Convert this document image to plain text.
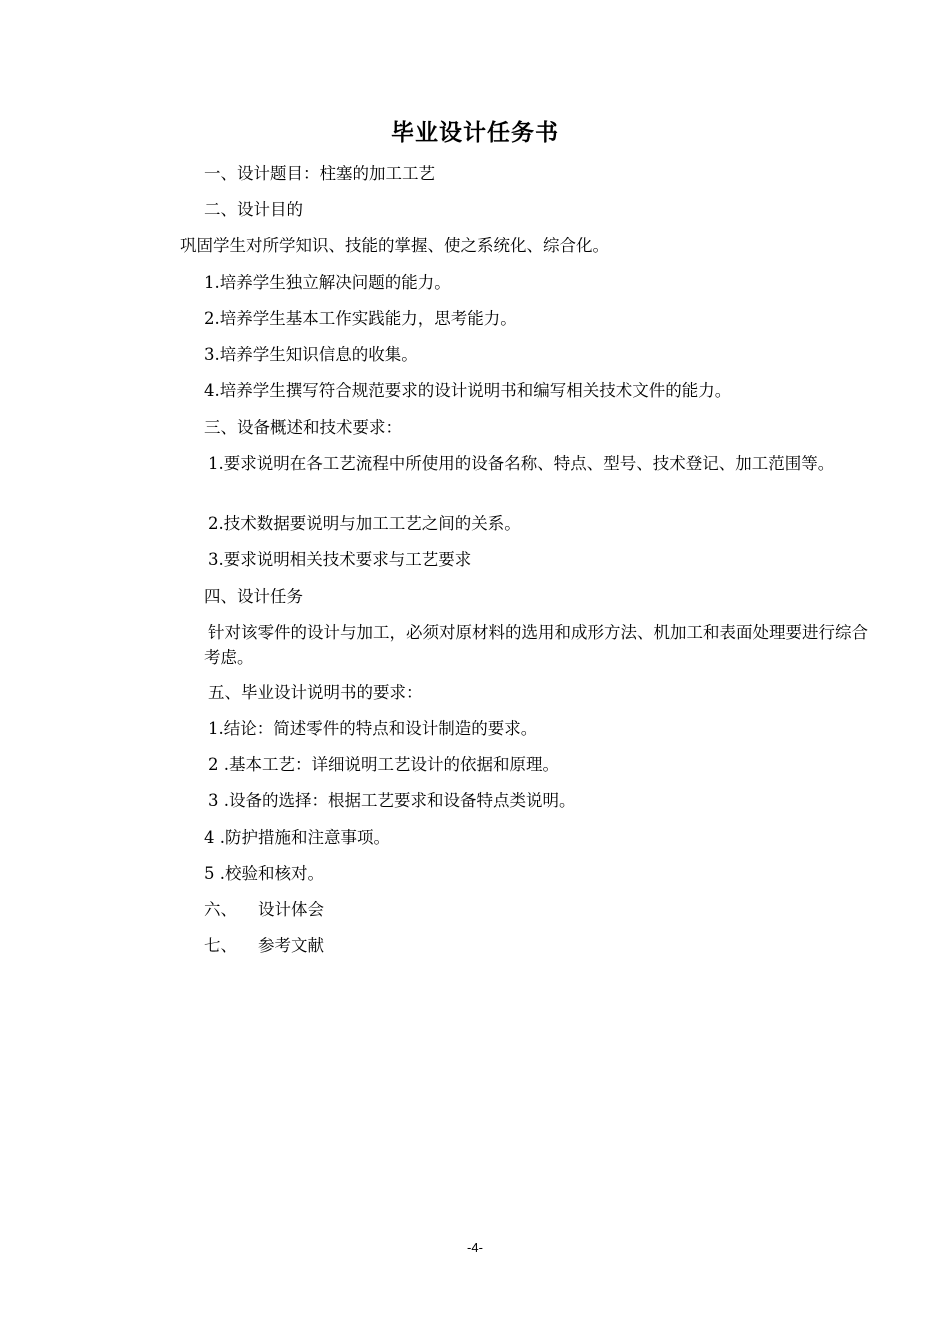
毕业设计任务书
一、设计题目：柱塞的加工工艺
二、设计目的
巩固学生对所学知识、技能的掌握、使之系统化、综合化。
1.培养学生独立解决问题的能力。
2.培养学生基本工作实践能力，思考能力。
3.培养学生知识信息的收集。
4.培养学生撰写符合规范要求的设计说明书和编写相关技术文件的能力。
三、设备概述和技术要求：
1.要求说明在各工艺流程中所使用的设备名称、特点、型号、技术登记、加工范围等。
2.技术数据要说明与加工工艺之间的关系。
3.要求说明相关技术要求与工艺要求
四、设计任务
针对该零件的设计与加工，必须对原材料的选用和成形方法、机加工和表面处理要进行综合考虑。
五、毕业设计说明书的要求：
1.结论：简述零件的特点和设计制造的要求。
2 .基本工艺：详细说明工艺设计的依据和原理。
3 .设备的选择：根据工艺要求和设备特点类说明。
4 .防护措施和注意事项。
5 .校验和核对。
六、    设计体会
七、    参考文献
-4-
